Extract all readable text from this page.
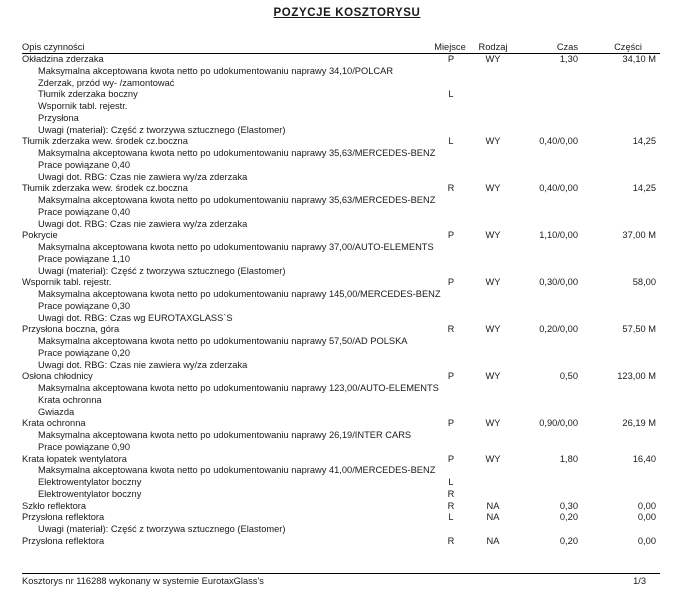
POZYCJE KOSZTORYSU
Opis czynności	Miejsce	Rodzaj	Czas	Części
Okładzina zderzaka	P	WY	1,30	34,10 M
Maksymalna akceptowana kwota netto po udokumentowaniu naprawy 34,10/POLCAR
Zderzak, przód wy- /zamontować
Tłumik zderzaka boczny	L
Wspornik tabl. rejestr.
Przysłona
Uwagi (materiał): Część z tworzywa sztucznego (Elastomer)
Tłumik zderzaka wew. środek cz.boczna	L	WY	0,40/0,00	14,25
Maksymalna akceptowana kwota netto po udokumentowaniu naprawy 35,63/MERCEDES-BENZ
Prace powiązane 0,40
Uwagi dot. RBG: Czas nie zawiera wy/za zderzaka
Tłumik zderzaka wew. środek cz.boczna	R	WY	0,40/0,00	14,25
Maksymalna akceptowana kwota netto po udokumentowaniu naprawy 35,63/MERCEDES-BENZ
Prace powiązane 0,40
Uwagi dot. RBG: Czas nie zawiera wy/za zderzaka
Pokrycie	P	WY	1,10/0,00	37,00 M
Maksymalna akceptowana kwota netto po udokumentowaniu naprawy 37,00/AUTO-ELEMENTS
Prace powiązane 1,10
Uwagi (materiał): Część z tworzywa sztucznego (Elastomer)
Wspornik tabl. rejestr.	P	WY	0,30/0,00	58,00
Maksymalna akceptowana kwota netto po udokumentowaniu naprawy 145,00/MERCEDES-BENZ
Prace powiązane 0,30
Uwagi dot. RBG: Czas wg EUROTAXGLASS`S
Przysłona boczna, góra	R	WY	0,20/0,00	57,50 M
Maksymalna akceptowana kwota netto po udokumentowaniu naprawy 57,50/AD POLSKA
Prace powiązane 0,20
Uwagi dot. RBG: Czas nie zawiera wy/za zderzaka
Osłona chłodnicy	P	WY	0,50	123,00 M
Maksymalna akceptowana kwota netto po udokumentowaniu naprawy 123,00/AUTO-ELEMENTS
Krata ochronna
Gwiazda
Krata ochronna	P	WY	0,90/0,00	26,19 M
Maksymalna akceptowana kwota netto po udokumentowaniu naprawy 26,19/INTER CARS
Prace powiązane 0,90
Krata łopatek wentylatora	P	WY	1,80	16,40
Maksymalna akceptowana kwota netto po udokumentowaniu naprawy 41,00/MERCEDES-BENZ
Elektrowentylator boczny	L
Elektrowentylator boczny	R
Szkło reflektora	R	NA	0,30	0,00
Przysłona reflektora	L	NA	0,20	0,00
Uwagi (materiał): Część z tworzywa sztucznego (Elastomer)
Przysłona reflektora	R	NA	0,20	0,00
Kosztorys nr 116288 wykonany w systemie EurotaxGlass's	1/3
